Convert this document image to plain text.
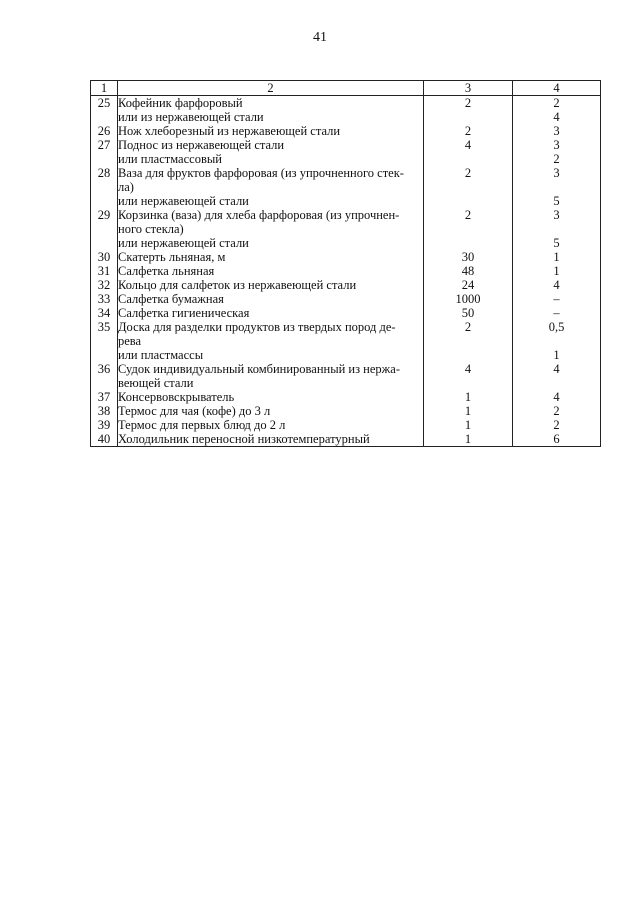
41
1	2	3	4
25	Кофейник фарфоровый	2	2
	или из нержавеющей стали		4
26	Нож хлеборезный из нержавеющей стали	2	3
27	Поднос из нержавеющей стали	4	3
	или пластмассовый		2
28	Ваза для фруктов фарфоровая (из упрочненного стек-	2	3
	ла)		
	или нержавеющей стали		5
29	Корзинка (ваза) для хлеба фарфоровая (из упрочнен-	2	3
	ного стекла)		
	или нержавеющей стали		5
30	Скатерть льняная, м	30	1
31	Салфетка льняная	48	1
32	Кольцо для салфеток из нержавеющей стали	24	4
33	Салфетка бумажная	1000	–
34	Салфетка гигиеническая	50	–
35	Доска для разделки продуктов из твердых пород де-	2	0,5
	рева		
	или пластмассы		1
36	Судок индивидуальный комбинированный из нержа-	4	4
	веющей стали		
37	Консервовскрыватель	1	4
38	Термос для чая (кофе) до 3 л	1	2
39	Термос для первых блюд до 2 л	1	2
40	Холодильник переносной низкотемпературный	1	6
